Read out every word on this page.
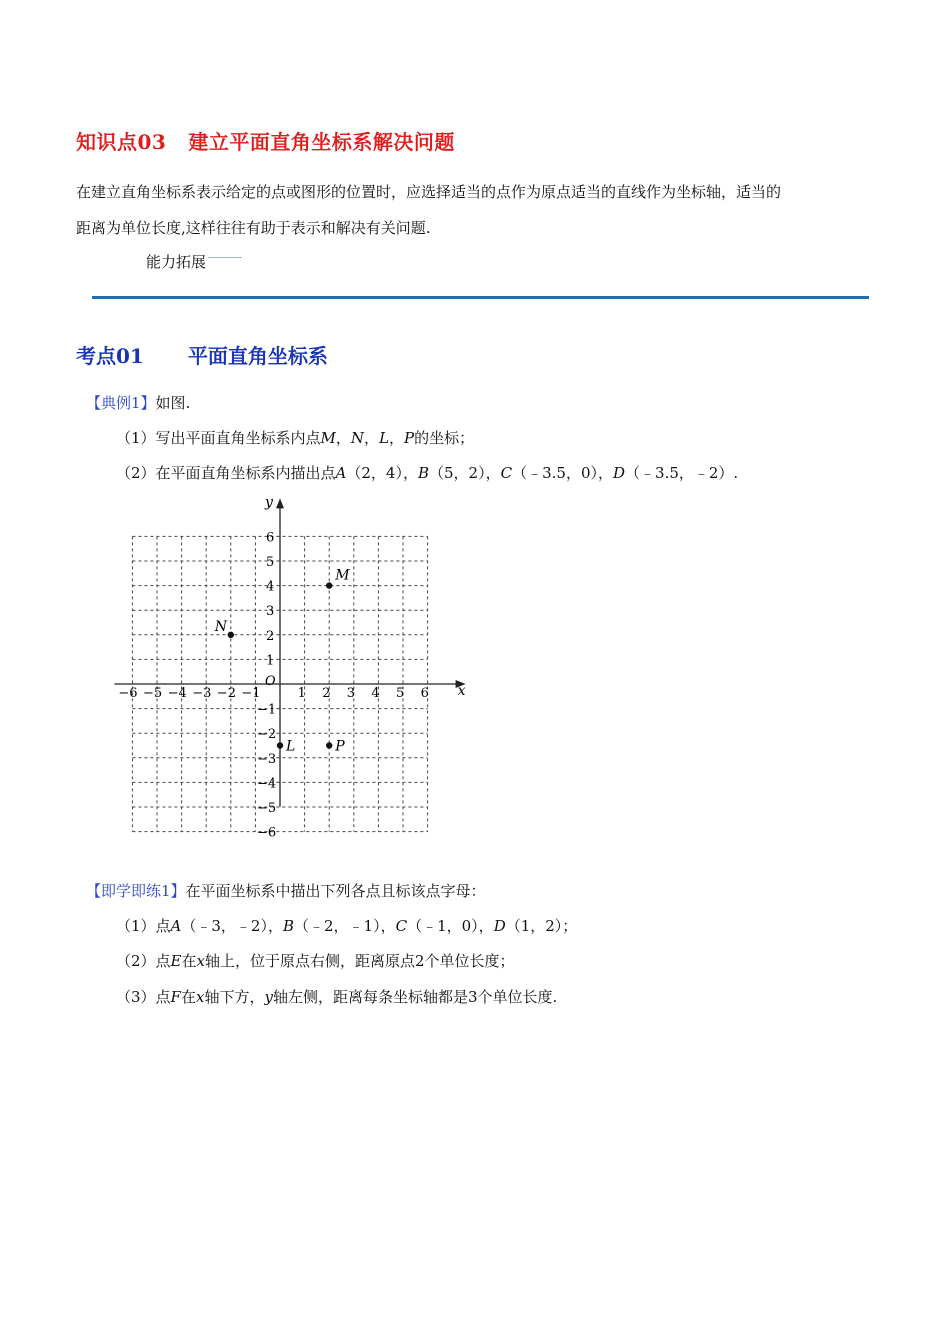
知识点03 建立平面直角坐标系解决问题
在建立直角坐标系表示给定的点或图形的位置时，应选择适当的点作为原点适当的直线作为坐标轴，适当的
距离为单位长度,这样往往有助于表示和解决有关问题.
能力拓展
考点01 平面直角坐标系
【典例1】如图.
（1）写出平面直角坐标系内点M，N，L，P的坐标；
（2）在平面直角坐标系内描出点A（2，4），B（5，2），C（﹣3.5，0），D（﹣3.5，﹣2）.
x
y
O
−6 −5 −4 −3 −2 −1	1 2 3 4 5 6
6
5
4
3
2
1
−1
−2
−3
−4
−5
−6
M
N
L	P
【即学即练1】在平面坐标系中描出下列各点且标该点字母：
（1）点A（﹣3，﹣2），B（﹣2，﹣1），C（﹣1，0），D（1，2）；
（2）点E在x轴上，位于原点右侧，距离原点2个单位长度；
（3）点F在x轴下方，y轴左侧，距离每条坐标轴都是3个单位长度.
